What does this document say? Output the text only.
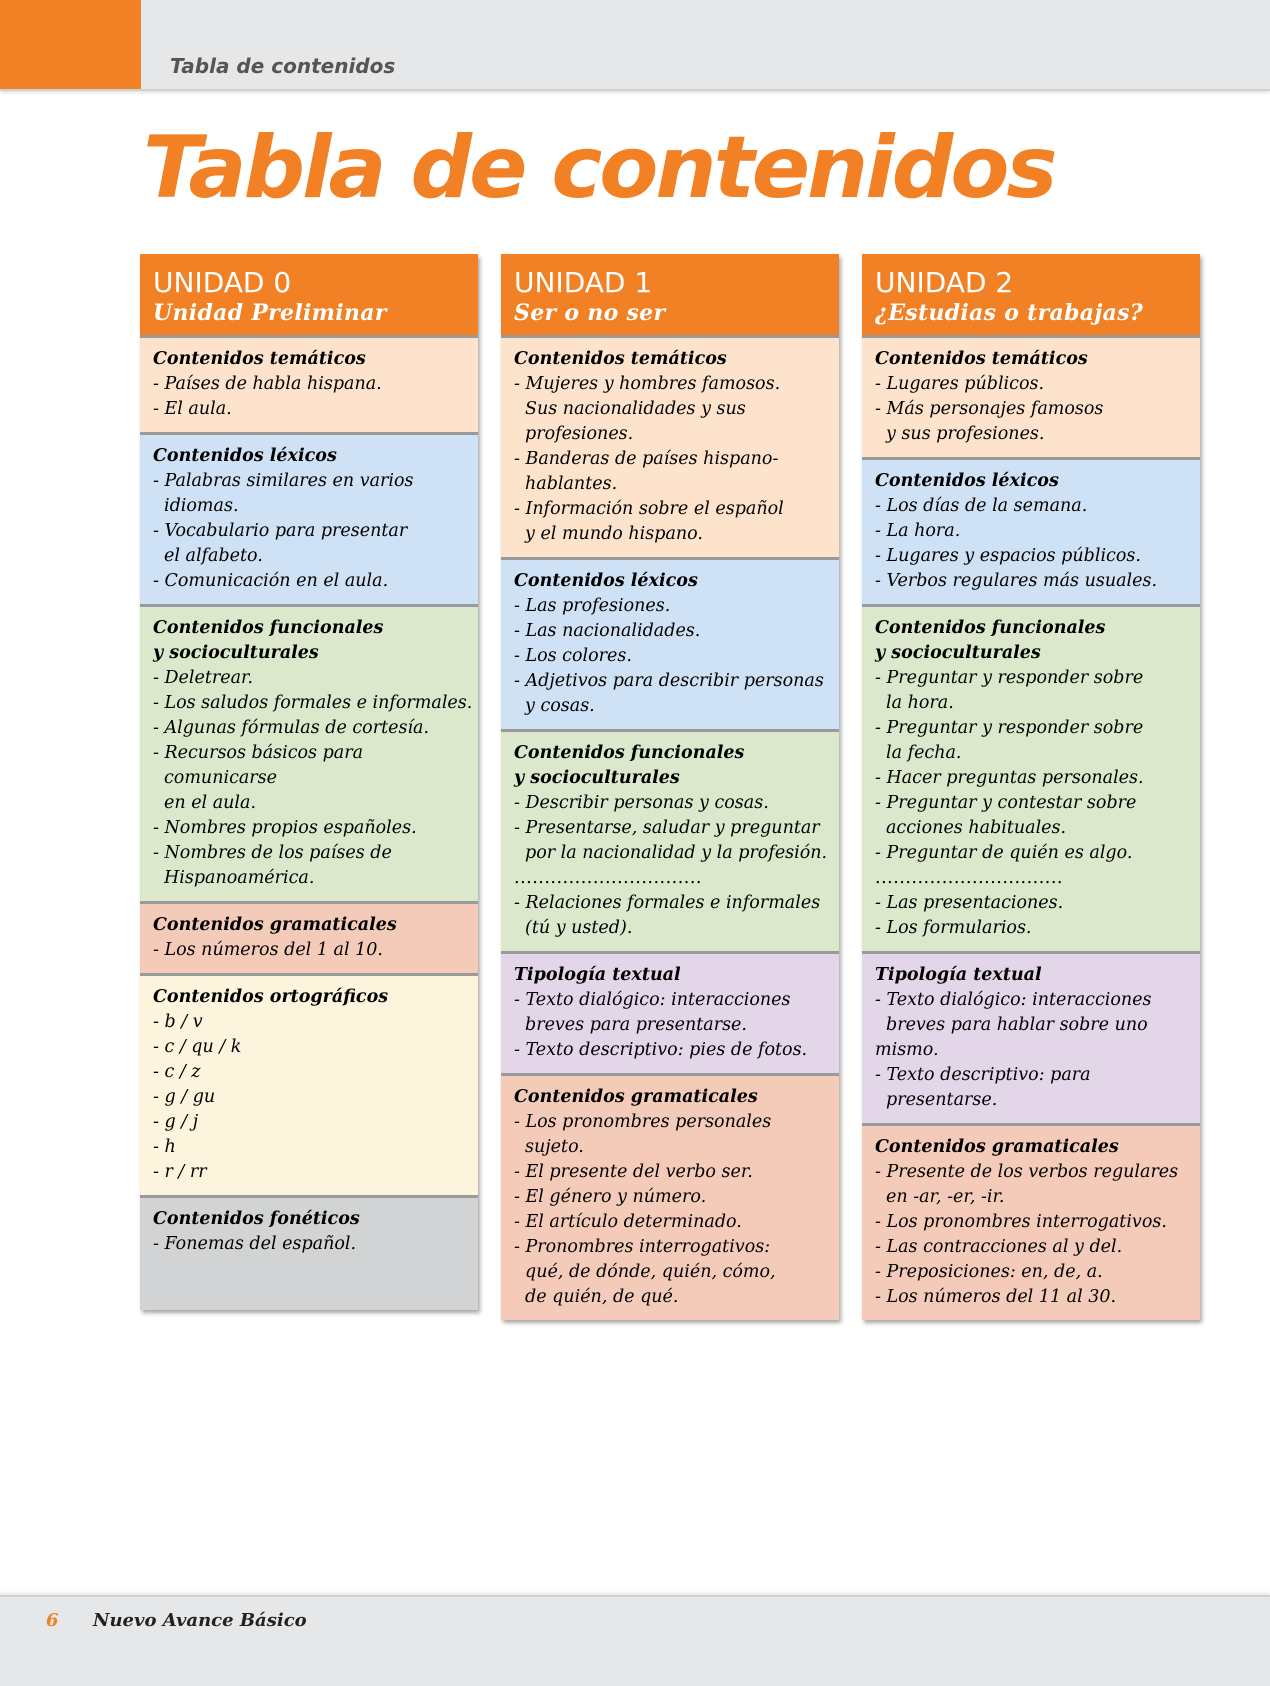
Tabla de contenidos
Tabla de contenidos
UNIDAD 0
Unidad Preliminar
Contenidos temáticos
- Países de habla hispana.
- El aula.
Contenidos léxicos
- Palabras similares en varios
idiomas.
- Vocabulario para presentar
el alfabeto.
- Comunicación en el aula.
Contenidos funcionales
y socioculturales
- Deletrear.
- Los saludos formales e informales.
- Algunas fórmulas de cortesía.
- Recursos básicos para comunicarse
en el aula.
- Nombres propios españoles.
- Nombres de los países de
Hispanoamérica.
Contenidos gramaticales
- Los números del 1 al 10.
Contenidos ortográficos
- b / v
- c / qu / k
- c / z
- g / gu
- g / j
- h
- r / rr
Contenidos fonéticos
- Fonemas del español.
UNIDAD 1
Ser o no ser
Contenidos temáticos
- Mujeres y hombres famosos.
Sus nacionalidades y sus
profesiones.
- Banderas de países hispano-
hablantes.
- Información sobre el español
y el mundo hispano.
Contenidos léxicos
- Las profesiones.
- Las nacionalidades.
- Los colores.
- Adjetivos para describir personas
y cosas.
Contenidos funcionales
y socioculturales
- Describir personas y cosas.
- Presentarse, saludar y preguntar
por la nacionalidad y la profesión.
...............................
- Relaciones formales e informales
(tú y usted).
Tipología textual
- Texto dialógico: interacciones
breves para presentarse.
- Texto descriptivo: pies de fotos.
Contenidos gramaticales
- Los pronombres personales sujeto.
- El presente del verbo ser.
- El género y número.
- El artículo determinado.
- Pronombres interrogativos:
qué, de dónde, quién, cómo,
de quién, de qué.
UNIDAD 2
¿Estudias o trabajas?
Contenidos temáticos
- Lugares públicos.
- Más personajes famosos
y sus profesiones.
Contenidos léxicos
- Los días de la semana.
- La hora.
- Lugares y espacios públicos.
- Verbos regulares más usuales.
Contenidos funcionales
y socioculturales
- Preguntar y responder sobre
la hora.
- Preguntar y responder sobre
la fecha.
- Hacer preguntas personales.
- Preguntar y contestar sobre
acciones habituales.
- Preguntar de quién es algo.
...............................
- Las presentaciones.
- Los formularios.
Tipología textual
- Texto dialógico: interacciones
breves para hablar sobre uno
mismo.
- Texto descriptivo: para presentarse.
Contenidos gramaticales
- Presente de los verbos regulares
en -ar, -er, -ir.
- Los pronombres interrogativos.
- Las contracciones al y del.
- Preposiciones: en, de, a.
- Los números del 11 al 30.
6 Nuevo Avance Básico
